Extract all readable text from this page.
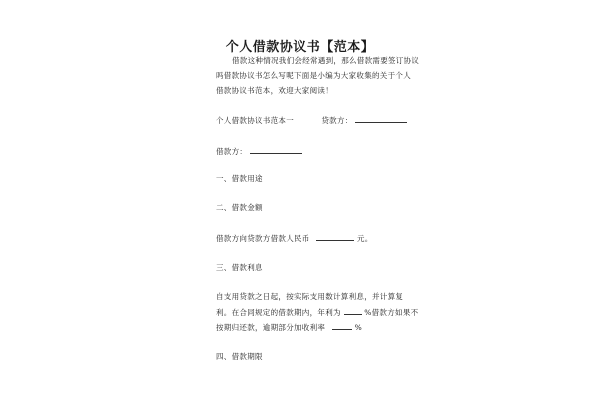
个人借款协议书【范本】
借款这种情况我们会经常遇到，那么借款需要签订协议
吗借款协议书怎么写呢下面是小编为大家收集的关于个人
借款协议书范本，欢迎大家阅读！
个人借款协议书范本一	贷款方：
借款方：
一、借款用途
二、借款金额
借款方向贷款方借款人民币	元。
三、借款利息
自支用贷款之日起，按实际支用数计算利息，并计算复
利。在合同规定的借款期内，年利为	%借款方如果不
按期归还款，逾期部分加收利率	%
四、借款期限
